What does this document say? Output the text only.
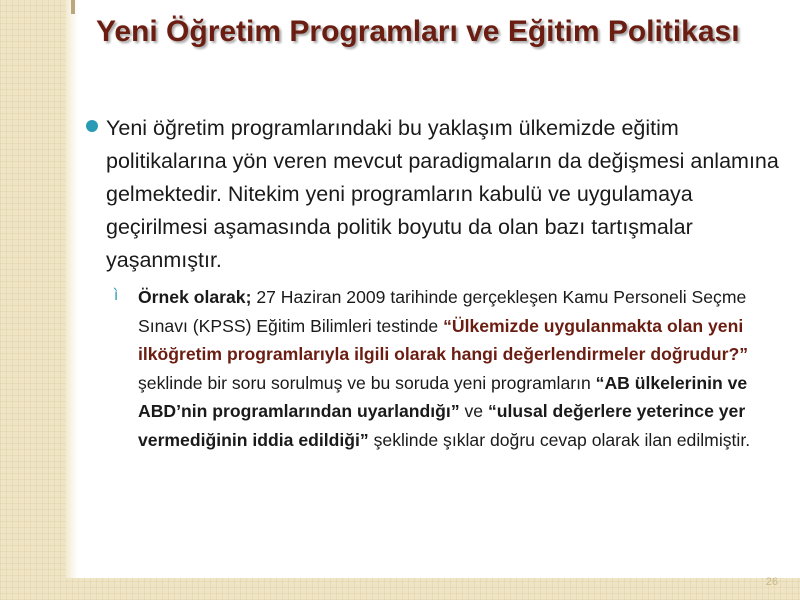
Yeni Öğretim Programları ve Eğitim Politikası
Yeni öğretim programlarındaki bu yaklaşım ülkemizde eğitim politikalarına yön veren mevcut paradigmaların da değişmesi anlamına gelmektedir. Nitekim yeni programların kabulü ve uygulamaya geçirilmesi aşamasında politik boyutu da olan bazı tartışmalar yaşanmıştır.
ì Örnek olarak; 27 Haziran 2009 tarihinde gerçekleşen Kamu Personeli Seçme Sınavı (KPSS) Eğitim Bilimleri testinde “Ülkemizde uygulanmakta olan yeni ilköğretim programlarıyla ilgili olarak hangi değerlendirmeler doğrudur?” şeklinde bir soru sorulmuş ve bu soruda yeni programların “AB ülkelerinin ve ABD’nin programlarından uyarlandığı” ve “ulusal değerlere yeterince yer vermediğinin iddia edildiği” şeklinde şıklar doğru cevap olarak ilan edilmiştir.
26
